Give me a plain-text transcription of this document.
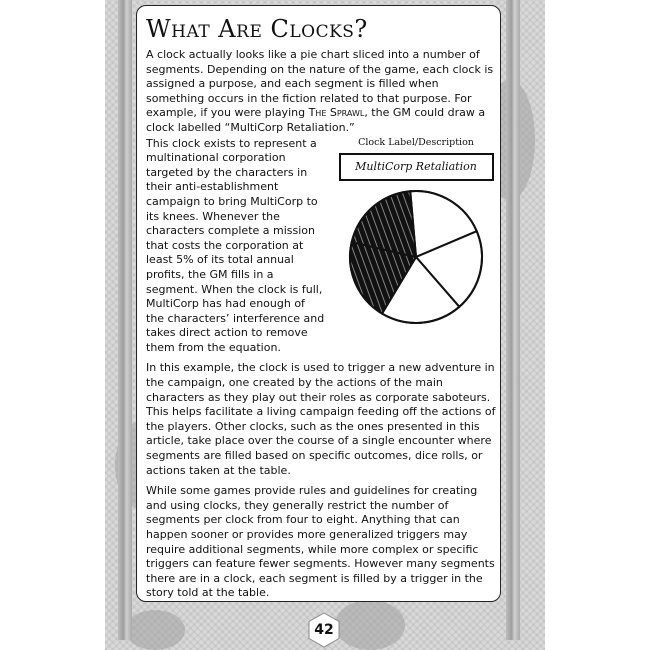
What Are Clocks?

A clock actually looks like a pie chart sliced into a number of segments. Depending on the nature of the game, each clock is assigned a purpose, and each segment is filled when something occurs in the fiction related to that purpose. For example, if you were playing The Sprawl, the GM could draw a clock labelled “MultiCorp Retaliation.”

This clock exists to represent a multinational corporation targeted by the characters in their anti-establishment campaign to bring MultiCorp to its knees. Whenever the characters complete a mission that costs the corporation at least 5% of its total annual profits, the GM fills in a segment. When the clock is full, MultiCorp has had enough of the characters’ interference and takes direct action to remove them from the equation.

Clock Label/Description
MultiCorp Retaliation

In this example, the clock is used to trigger a new adventure in the campaign, one created by the actions of the main characters as they play out their roles as corporate saboteurs. This helps facilitate a living campaign feeding off the actions of the players. Other clocks, such as the ones presented in this article, take place over the course of a single encounter where segments are filled based on specific outcomes, dice rolls, or actions taken at the table.

While some games provide rules and guidelines for creating and using clocks, they generally restrict the number of segments per clock from four to eight. Anything that can happen sooner or provides more generalized triggers may require additional segments, while more complex or specific triggers can feature fewer segments. However many segments there are in a clock, each segment is filled by a trigger in the story told at the table.

42
